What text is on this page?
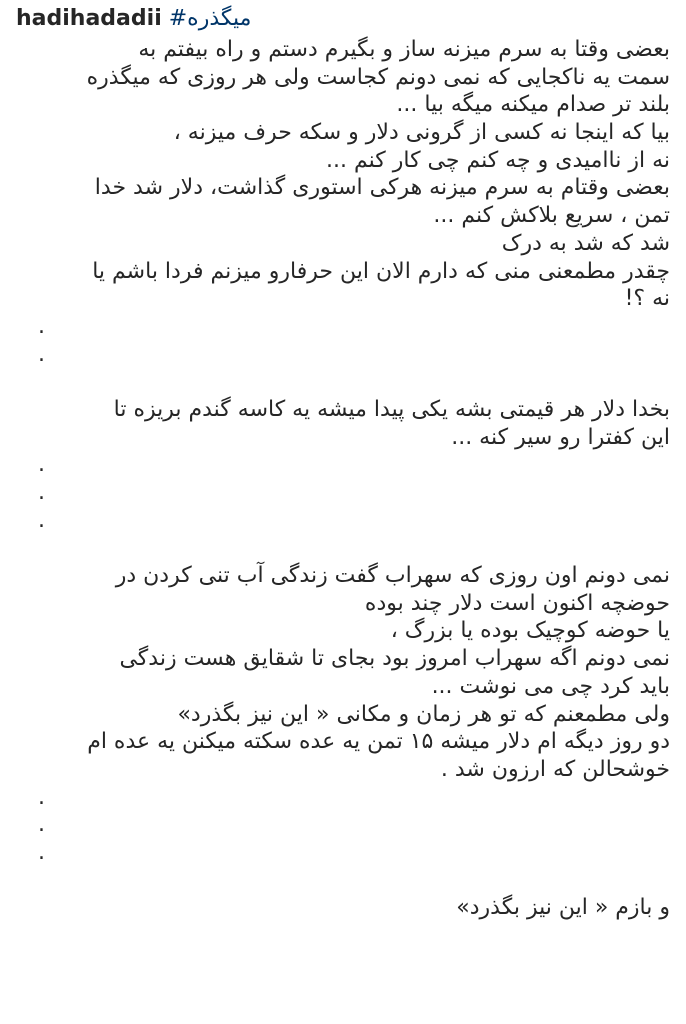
hadihadadii #میگذره
بعضی وقتا به سرم میزنه ساز و بگیرم دستم و راه بیفتم به
سمت یه ناکجایی که نمی دونم کجاست ولی هر روزی که میگذره
بلند تر صدام میکنه میگه بیا ...
بیا که اینجا نه کسی از گرونی دلار و سکه حرف میزنه ،
نه از ناامیدی و چه کنم چی کار کنم ...
بعضی وقتام به سرم میزنه هرکی استوری گذاشت، دلار شد خدا
تمن ، سریع بلاکش کنم ...
شد که شد به درک
چقدر مطمعنی منی که دارم الان این حرفارو میزنم فردا باشم یا
نه ؟!
.
.
بخدا دلار هر قیمتی بشه یکی پیدا میشه یه کاسه گندم بریزه تا
این کفترا رو سیر کنه ...
.
.
.
نمی دونم اون روزی که سهراب گفت زندگی آب تنی کردن در
حوضچه اکنون است دلار چند بوده
یا حوضه کوچیک بوده یا بزرگ ،
نمی دونم اگه سهراب امروز بود بجای تا شقایق هست زندگی
باید کرد چی می نوشت ...
ولی مطمعنم که تو هر زمان و مکانی « این نیز بگذرد»
دو روز دیگه ام دلار میشه ۱۵ تمن یه عده سکته میکنن یه عده ام
خوشحالن که ارزون شد .
.
.
.
و بازم « این نیز بگذرد»
